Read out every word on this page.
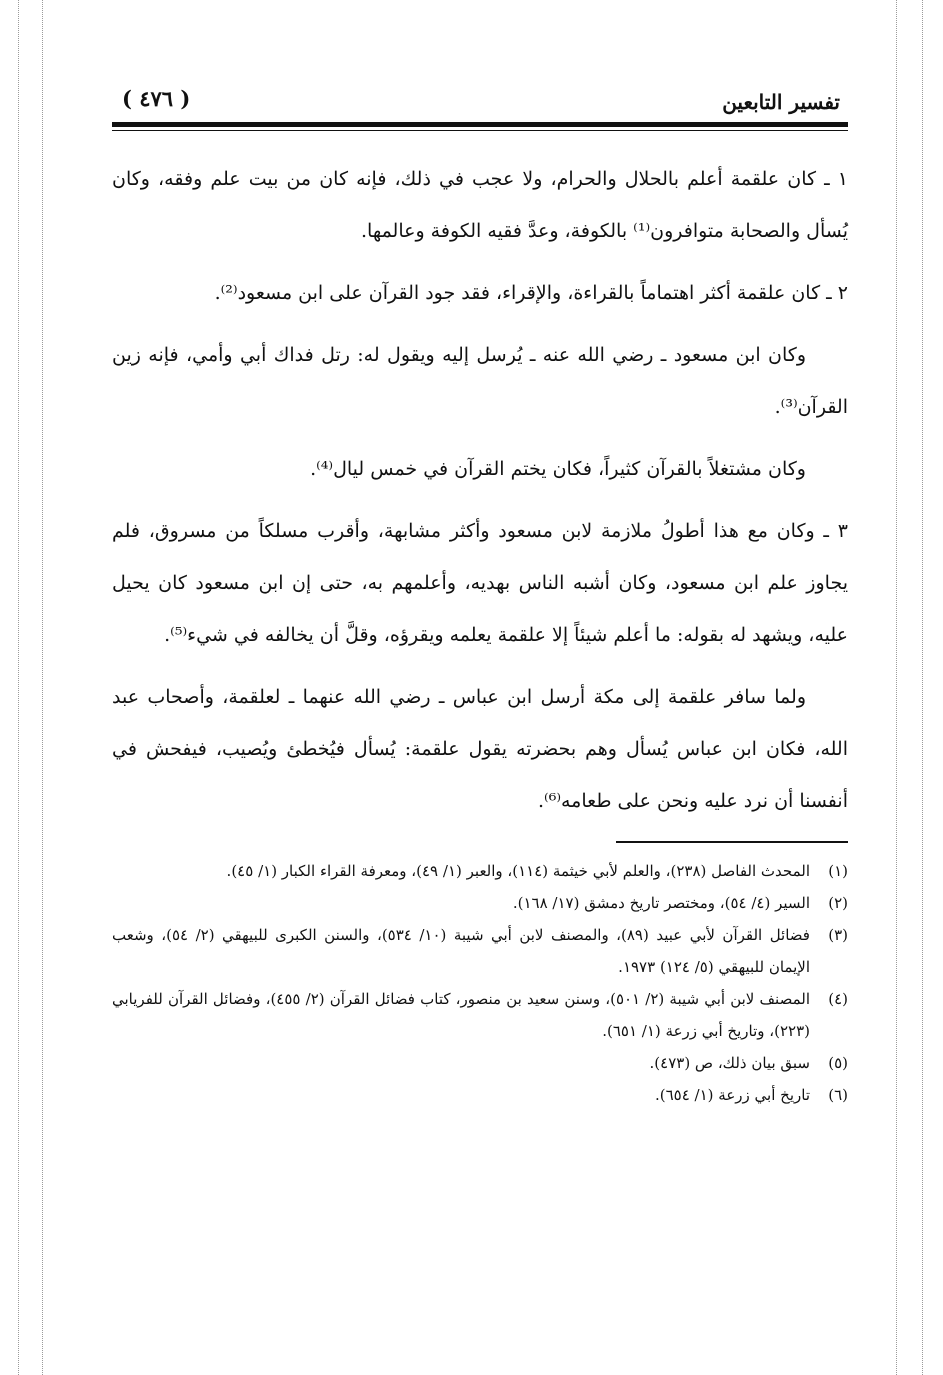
تفسير التابعين
( ٤٧٦ )

١ ـ كان علقمة أعلم بالحلال والحرام، ولا عجب في ذلك، فإنه كان من بيت علم وفقه، وكان يُسأل والصحابة متوافرون⁽¹⁾ بالكوفة، وعدَّ فقيه الكوفة وعالمها.

٢ ـ كان علقمة أكثر اهتماماً بالقراءة، والإقراء، فقد جود القرآن على ابن مسعود⁽²⁾.

وكان ابن مسعود ـ رضي الله عنه ـ يُرسل إليه ويقول له: رتل فداك أبي وأمي، فإنه زين القرآن⁽³⁾.

وكان مشتغلاً بالقرآن كثيراً، فكان يختم القرآن في خمس ليال⁽⁴⁾.

٣ ـ وكان مع هذا أطولُ ملازمة لابن مسعود وأكثر مشابهة، وأقرب مسلكاً من مسروق، فلم يجاوز علم ابن مسعود، وكان أشبه الناس بهديه، وأعلمهم به، حتى إن ابن مسعود كان يحيل عليه، ويشهد له بقوله: ما أعلم شيئاً إلا علقمة يعلمه ويقرؤه، وقلَّ أن يخالفه في شيء⁽⁵⁾.

ولما سافر علقمة إلى مكة أرسل ابن عباس ـ رضي الله عنهما ـ لعلقمة، وأصحاب عبد الله، فكان ابن عباس يُسأل وهم بحضرته يقول علقمة: يُسأل فيُخطئ ويُصيب، فيفحش في أنفسنا أن نرد عليه ونحن على طعامه⁽⁶⁾.

(١)
المحدث الفاصل (٢٣٨)، والعلم لأبي خيثمة (١١٤)، والعبر (١/ ٤٩)، ومعرفة القراء الكبار (١/ ٤٥).
(٢)
السير (٤/ ٥٤)، ومختصر تاريخ دمشق (١٧/ ١٦٨).
(٣)
فضائل القرآن لأبي عبيد (٨٩)، والمصنف لابن أبي شيبة (١٠/ ٥٣٤)، والسنن الكبرى للبيهقي (٢/ ٥٤)، وشعب الإيمان للبيهقي (٥/ ١٢٤) ١٩٧٣.
(٤)
المصنف لابن أبي شيبة (٢/ ٥٠١)، وسنن سعيد بن منصور، كتاب فضائل القرآن (٢/ ٤٥٥)، وفضائل القرآن للفريابي (٢٢٣)، وتاريخ أبي زرعة (١/ ٦٥١).
(٥)
سبق بيان ذلك، ص (٤٧٣).
(٦)
تاريخ أبي زرعة (١/ ٦٥٤).
